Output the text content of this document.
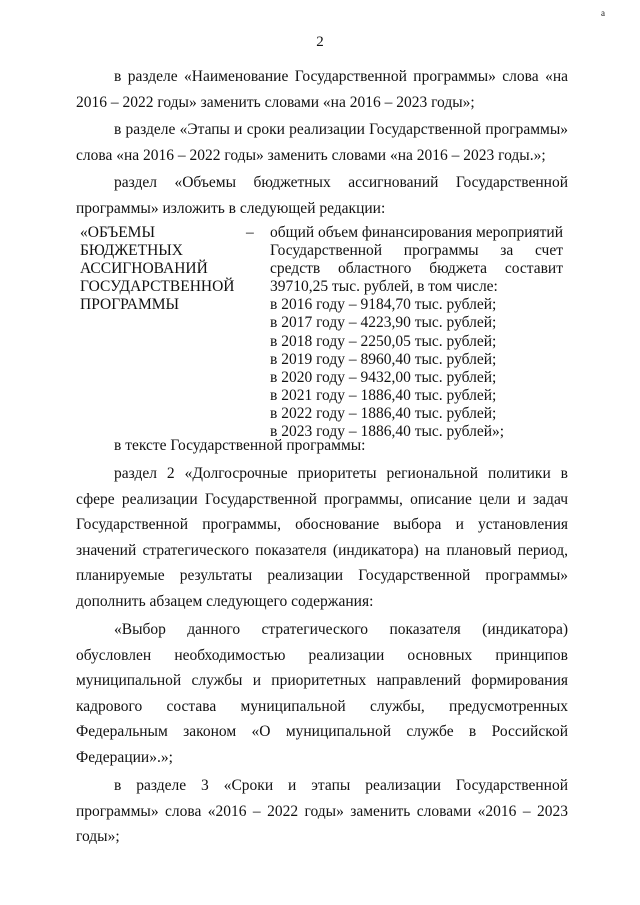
a
2

в разделе «Наименование Государственной программы» слова «на 2016 – 2022 годы» заменить словами «на 2016 – 2023 годы»;

в разделе «Этапы и сроки реализации Государственной программы» слова «на 2016 – 2022 годы» заменить словами «на 2016 – 2023 годы.»;

раздел «Объемы бюджетных ассигнований Государственной программы» изложить в следующей редакции:

«ОБЪЕМЫ
БЮДЖЕТНЫХ
АССИГНОВАНИЙ
ГОСУДАРСТВЕННОЙ
ПРОГРАММЫ
– общий объем финансирования мероприятий

Государственной программы за счет

средств областного бюджета составит

39710,25 тыс. рублей, в том числе:

в 2016 году – 9184,70 тыс. рублей;

в 2017 году – 4223,90 тыс. рублей;

в 2018 году – 2250,05 тыс. рублей;

в 2019 году – 8960,40 тыс. рублей;

в 2020 году – 9432,00 тыс. рублей;

в 2021 году – 1886,40 тыс. рублей;

в 2022 году – 1886,40 тыс. рублей;

в 2023 году – 1886,40 тыс. рублей»;

в тексте Государственной программы:

раздел 2 «Долгосрочные приоритеты региональной политики в сфере реализации Государственной программы, описание цели и задач Государственной программы, обоснование выбора и установления значений стратегического показателя (индикатора) на плановый период, планируемые результаты реализации Государственной программы» дополнить абзацем следующего содержания:

«Выбор данного стратегического показателя (индикатора) обусловлен необходимостью реализации основных принципов муниципальной службы и приоритетных направлений формирования кадрового состава муниципальной службы, предусмотренных Федеральным законом «О муниципальной службе в Российской Федерации».»;

в разделе 3 «Сроки и этапы реализации Государственной программы» слова «2016 – 2022 годы» заменить словами «2016 – 2023 годы»;
